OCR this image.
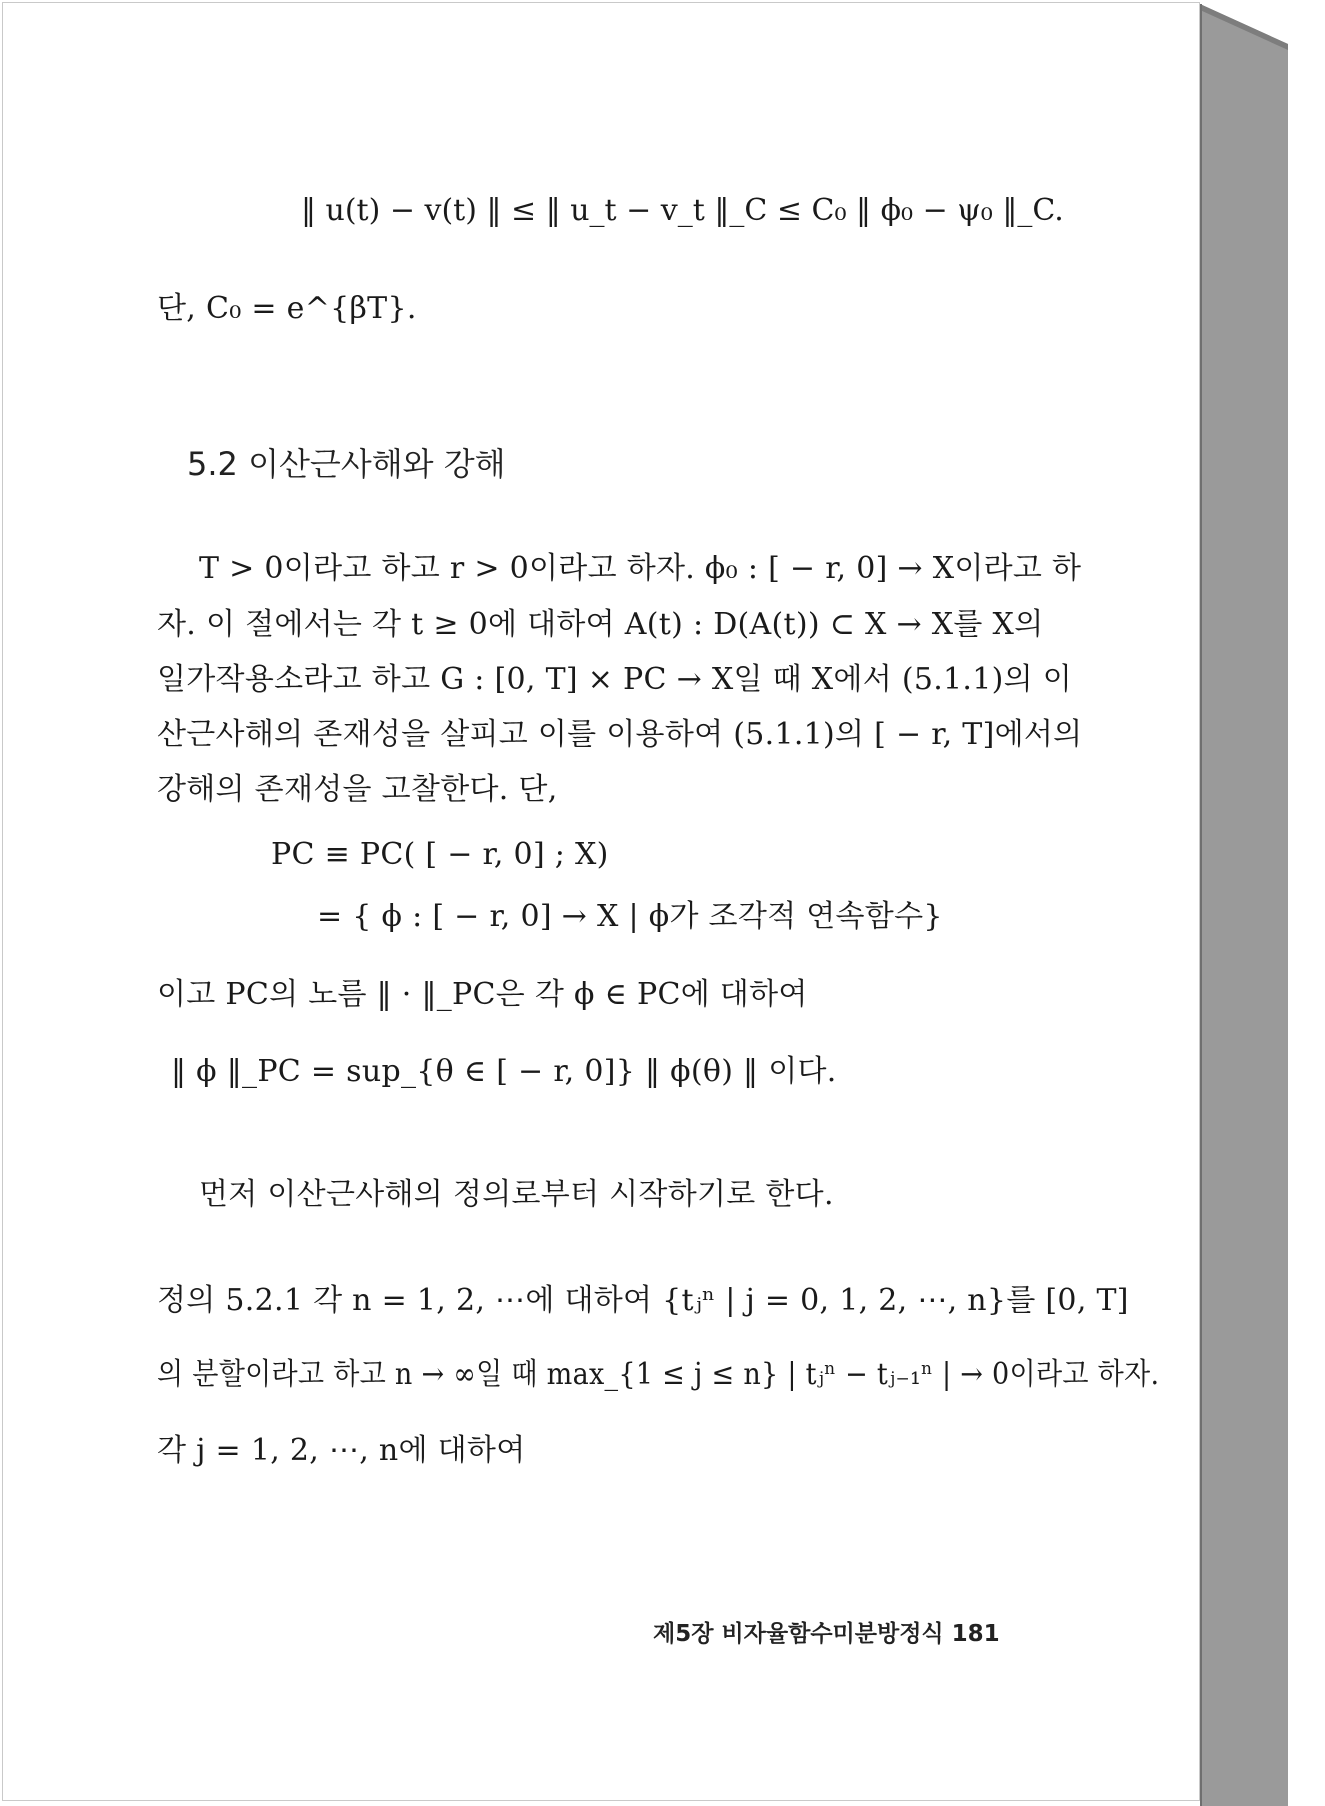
‖ u(t) − v(t) ‖ ≤ ‖ u_t − v_t ‖_C ≤ C₀ ‖ ϕ₀ − ψ₀ ‖_C.
단, C₀ = e^{βT}.
5.2 이산근사해와 강해
T > 0이라고 하고 r > 0이라고 하자. ϕ₀ : [ − r, 0] → X이라고 하
자. 이 절에서는 각 t ≥ 0에 대하여 A(t) : D(A(t)) ⊂ X → X를 X의
일가작용소라고 하고 G : [0, T] × PC → X일 때 X에서 (5.1.1)의 이
산근사해의 존재성을 살피고 이를 이용하여 (5.1.1)의 [ − r, T]에서의
강해의 존재성을 고찰한다. 단,
PC ≡ PC( [ − r, 0] ; X)
= { ϕ : [ − r, 0] → X | ϕ가 조각적 연속함수}
이고 PC의 노름 ‖ · ‖_PC은 각 ϕ ∈ PC에 대하여
‖ ϕ ‖_PC = sup_{θ ∈ [ − r, 0]} ‖ ϕ(θ) ‖ 이다.
먼저 이산근사해의 정의로부터 시작하기로 한다.
정의 5.2.1 각 n = 1, 2, ⋯에 대하여 {tⱼⁿ | j = 0, 1, 2, ⋯, n}를 [0, T]
의 분할이라고 하고 n → ∞일 때 max_{1 ≤ j ≤ n} | tⱼⁿ − tⱼ₋₁ⁿ | → 0이라고 하자.
각 j = 1, 2, ⋯, n에 대하여
제5장 비자율함수미분방정식 181
